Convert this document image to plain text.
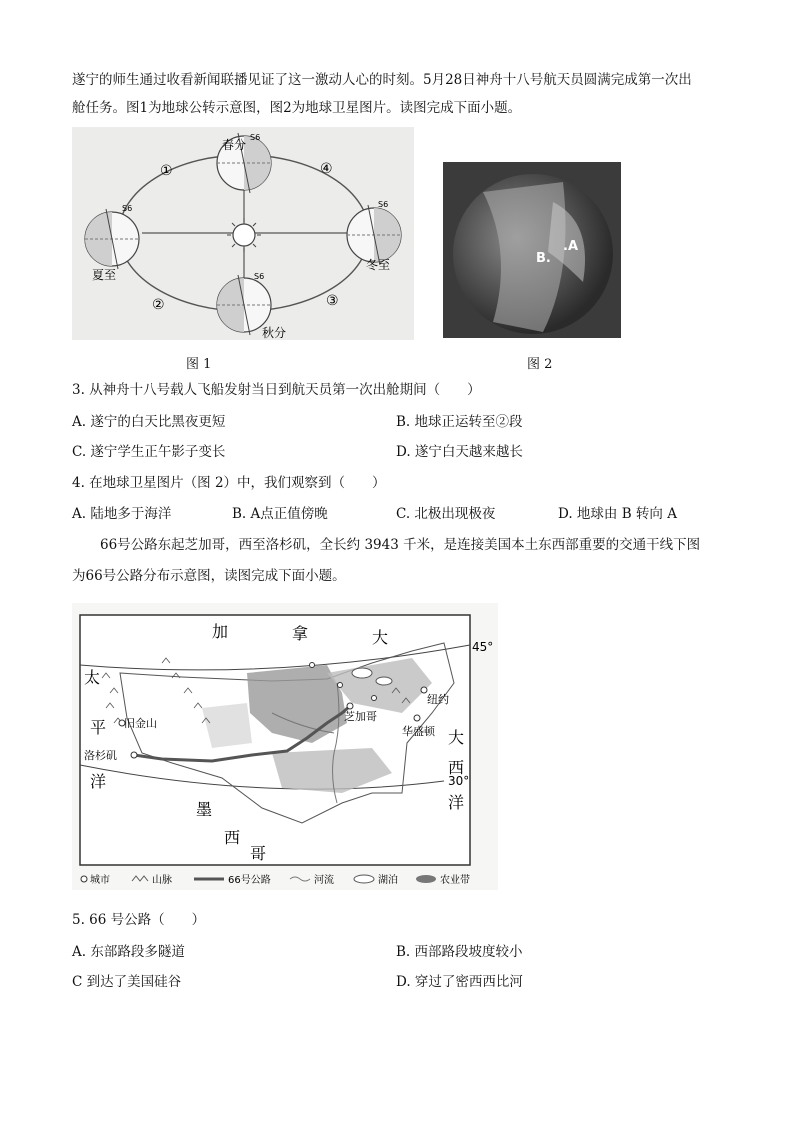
遂宁的师生通过收看新闻联播见证了这一激动人心的时刻。5月28日神舟十八号航天员圆满完成第一次出
舱任务。图1为地球公转示意图，图2为地球卫星图片。读图完成下面小题。
春分
夏至
秋分
冬至
S6
S6
S6
S6
①
②	③
④
图 1
B.
.A
图 2
3. 从神舟十八号载人飞船发射当日到航天员第一次出舱期间（　　）
A. 遂宁的白天比黑夜更短	B. 地球正运转至②段
C. 遂宁学生正午影子变长	D. 遂宁白天越来越长
4. 在地球卫星图片（图 2）中，我们观察到（　　）
A. 陆地多于海洋	B. A点正值傍晚	C. 北极出现极夜	D. 地球由 B 转向 A
66号公路东起芝加哥，西至洛杉矶，全长约 3943 千米，是连接美国本土东西部重要的交通干线下图
为66号公路分布示意图，读图完成下面小题。
旧金山
洛杉矶
芝加哥
纽约
华盛顿
加	拿	大
太
平
洋
大
西
洋
墨
西
哥
45°
30°
城市	山脉	66号公路	河流	湖泊	农业带
5. 66 号公路（　　）
A. 东部路段多隧道	B. 西部路段坡度较小
C 到达了美国硅谷	D. 穿过了密西西比河
